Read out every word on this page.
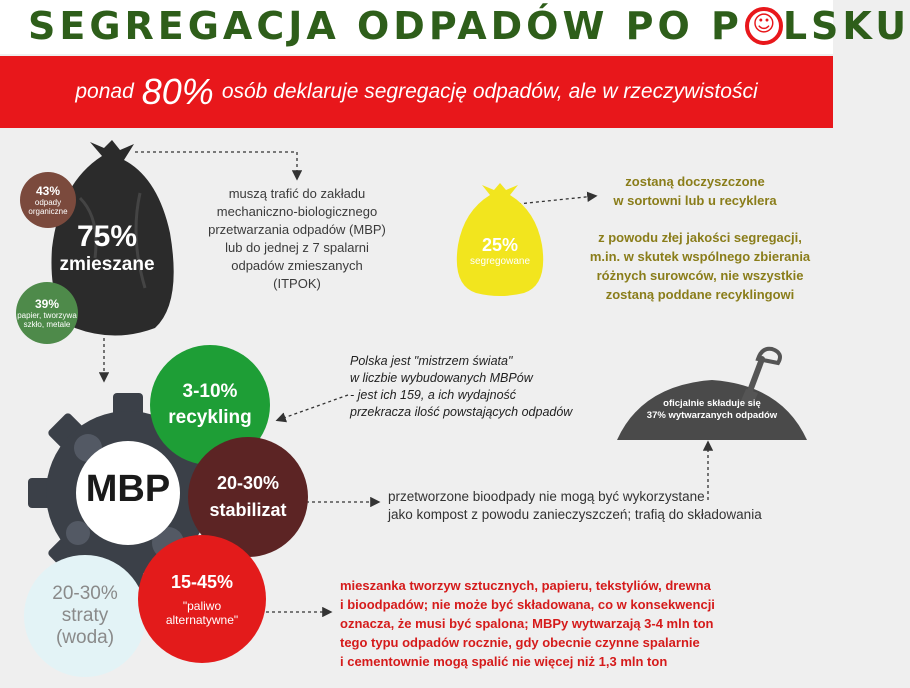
SEGREGACJA ODPADÓW PO P ☺ LSKU
ponad 80% osób deklaruje segregację odpadów, ale w rzeczywistości
43%
odpady
organiczne
75%
zmieszane
39%
papier, tworzywa
szkło, metale
muszą trafić do zakładu
mechaniczno-biologicznego
przetwarzania odpadów (MBP)
lub do jednej z 7 spalarni
odpadów zmieszanych
(ITPOK)
25%
segregowane
zostaną doczyszczone
w sortowni lub u recyklera
z powodu złej jakości segregacji,
m.in. w skutek wspólnego zbierania
różnych surowców, nie wszystkie
zostaną poddane recyklingowi
Polska jest "mistrzem świata"
w liczbie wybudowanych MBPów
- jest ich 159, a ich wydajność
przekracza ilość powstających odpadów
oficjalnie składuje się
37% wytwarzanych odpadów
MBP
3-10%
recykling
20-30%
stabilizat
20-30%
straty
(woda)
15-45%
"paliwo
alternatywne"
przetworzone bioodpady nie mogą być wykorzystane
jako kompost z powodu zanieczyszczeń; trafią do składowania
mieszanka tworzyw sztucznych, papieru, tekstyliów, drewna
i bioodpadów; nie może być składowana, co w konsekwencji
oznacza, że musi być spalona; MBPy wytwarzają 3-4 mln ton
tego typu odpadów rocznie, gdy obecnie czynne spalarnie
i cementownie mogą spalić nie więcej niż 1,3 mln ton
